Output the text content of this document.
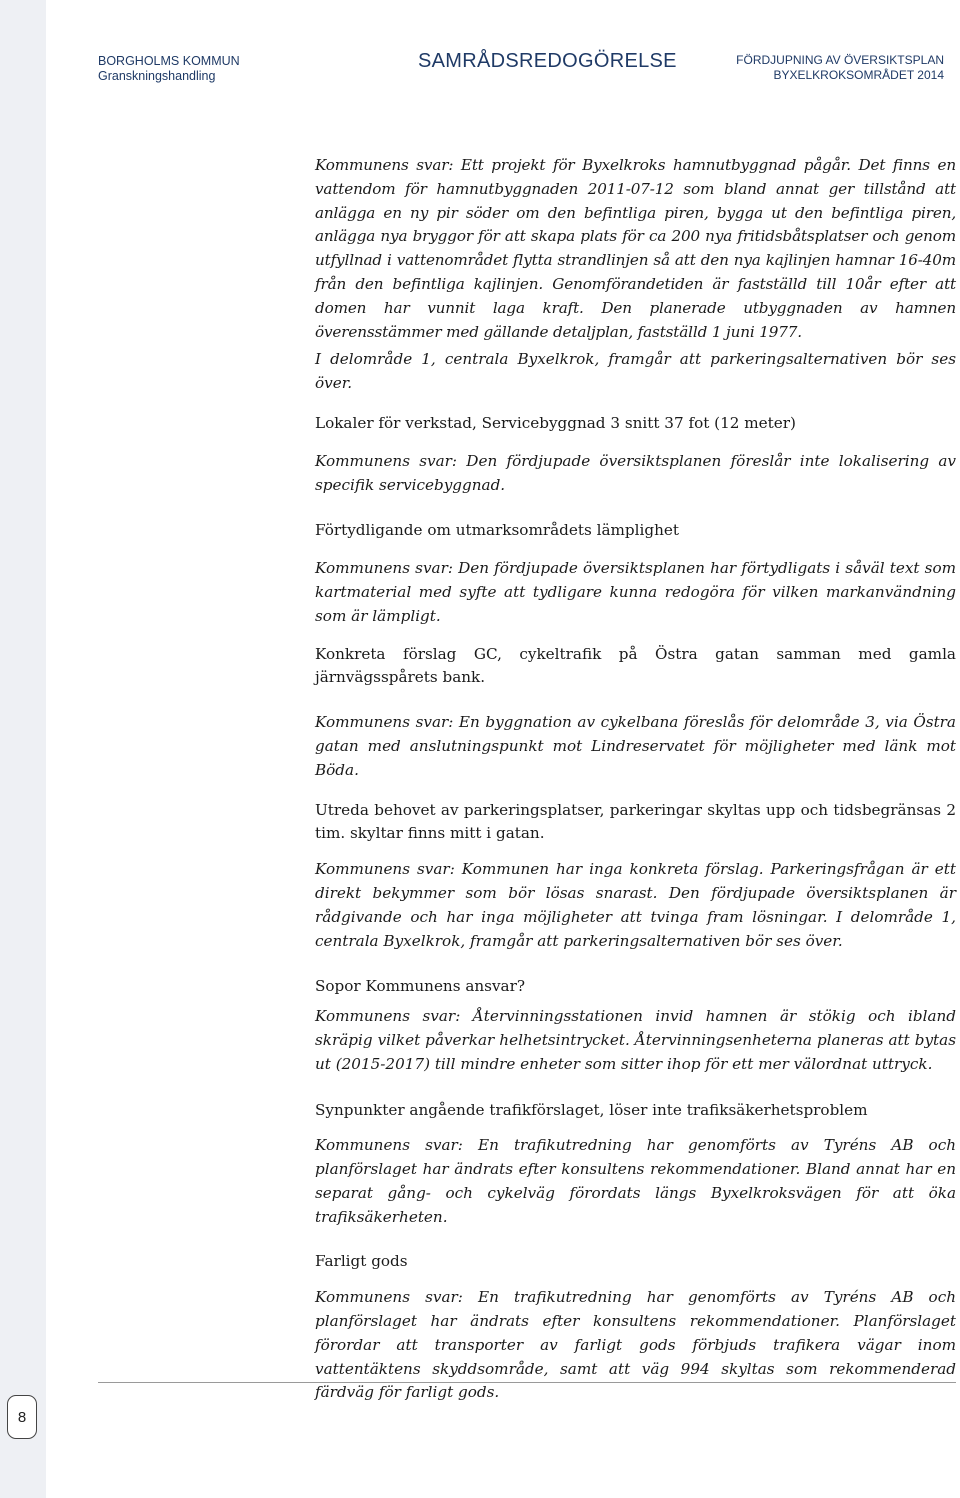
BORGHOLMS KOMMUN
Granskningshandling
SAMRÅDSREDOGÖRELSE	FÖRDJUPNING AV ÖVERSIKTSPLAN
BYXELKROKSOMRÅDET 2014

Kommunens svar: Ett projekt för Byxelkroks hamnutbyggnad pågår. Det finns en vattendom för hamnutbyggnaden 2011-07-12 som bland annat ger tillstånd att anlägga en ny pir söder om den befintliga piren, bygga ut den befintliga piren, anlägga nya bryggor för att skapa plats för ca 200 nya fritidsbåtsplatser och genom utfyllnad i vattenområdet flytta strandlinjen så att den nya kajlinjen hamnar 16-40m från den befintliga kajlinjen. Genomförandetiden är fastställd till 10år efter att domen har vunnit laga kraft. Den planerade utbyggnaden av hamnen överensstämmer med gällande detaljplan, fastställd 1 juni 1977.

I delområde 1, centrala Byxelkrok, framgår att parkeringsalternativen bör ses över.

Lokaler för verkstad, Servicebyggnad 3 snitt 37 fot (12 meter)

Kommunens svar: Den fördjupade översiktsplanen föreslår inte lokalisering av specifik servicebyggnad.

Förtydligande om utmarksområdets lämplighet

Kommunens svar: Den fördjupade översiktsplanen har förtydligats i såväl text som kartmaterial med syfte att tydligare kunna redogöra för vilken markanvändning som är lämpligt.

Konkreta förslag GC, cykeltrafik på Östra gatan samman med gamla järnvägsspårets bank.

Kommunens svar: En byggnation av cykelbana föreslås för delområde 3, via Östra gatan med anslutningspunkt mot Lindreservatet för möjligheter med länk mot Böda.

Utreda behovet av parkeringsplatser, parkeringar skyltas upp och tidsbegränsas 2 tim. skyltar finns mitt i gatan.

Kommunens svar: Kommunen har inga konkreta förslag. Parkeringsfrågan är ett direkt bekymmer som bör lösas snarast. Den fördjupade översiktsplanen är rådgivande och har inga möjligheter att tvinga fram lösningar. I delområde 1, centrala Byxelkrok, framgår att parkeringsalternativen bör ses över.

Sopor Kommunens ansvar?

Kommunens svar: Återvinningsstationen invid hamnen är stökig och ibland skräpig vilket påverkar helhetsintrycket. Återvinningsenheterna planeras att bytas ut (2015-2017) till mindre enheter som sitter ihop för ett mer välordnat uttryck.

Synpunkter angående trafikförslaget, löser inte trafiksäkerhetsproblem

Kommunens svar: En trafikutredning har genomförts av Tyréns AB och planförslaget har ändrats efter konsultens rekommendationer. Bland annat har en separat gång- och cykelväg förordats längs Byxelkroksvägen för att öka trafiksäkerheten.

Farligt gods

Kommunens svar: En trafikutredning har genomförts av Tyréns AB och planförslaget har ändrats efter konsultens rekommendationer. Planförslaget förordar att transporter av farligt gods förbjuds trafikera vägar inom vattentäktens skyddsområde, samt att väg 994 skyltas som rekommenderad färdväg för farligt gods.

8
